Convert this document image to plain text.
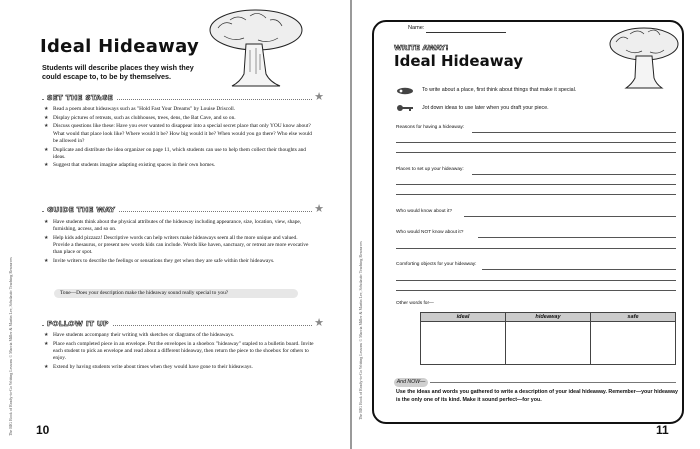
The BIG Book of Ready-to-Go Writing Lessons © Marcia Miller & Martin Lee, Scholastic Teaching Resources
Ideal Hideaway
Students will describe places they wish they could escape to, to be by themselves.
SET THE STAGE	★
★ Read a poem about hideaways such as "Hold Fast Your Dreams" by Louise Driscoll.
★ Display pictures of retreats, such as clubhouses, trees, dens, the Bat Cave, and so on.
★ Discuss questions like these: Have you ever wanted to disappear into a special secret place that only YOU know about? What would that place look like? Where would it be? How big would it be? When would you go there? Who else would be allowed in?
★ Duplicate and distribute the idea organizer on page 11, which students can use to help them collect their thoughts and ideas.
★ Suggest that students imagine adapting existing spaces in their own homes.
GUIDE THE WAY	★
★ Have students think about the physical attributes of the hideaway including appearance, size, location, view, shape, furnishing, access, and so on.
★ Help kids add pizzazz! Descriptive words can help writers make hideaways seem all the more unique and valued. Provide a thesaurus, or present new words kids can include. Words like haven, sanctuary, or retreat are more evocative than place or spot.
★ Invite writers to describe the feelings or sensations they get when they are safe within their hideaways.
Tone—Does your description make the hideaway sound really special to you?
FOLLOW IT UP	★
★ Have students accompany their writing with sketches or diagrams of the hideaways.
★ Place each completed piece in an envelope. Put the envelopes in a shoebox "hideaway" stapled to a bulletin board. Invite each student to pick an envelope and read about a different hideaway, then return the piece to the shoebox for others to enjoy.
★ Extend by having students write about times when they would have gone to their hideaways.
10
The BIG Book of Ready-to-Go Writing Lessons © Marcia Miller & Martin Lee, Scholastic Teaching Resources
Name:
WRITE AWAY!
Ideal Hideaway
To write about a place, first think about things that make it special.
Jot down ideas to use later when you draft your piece.
Reasons for having a hideaway:
Places to set up your hideaway:
Who would know about it?
Who would NOT know about it?
Comforting objects for your hideaway:
Other words for—
ideal	hideaway	safe

And NOW—
Use the ideas and words you gathered to write a description of your ideal hideaway. Remember—your hideaway is the only one of its kind. Make it sound perfect—for you.
11
